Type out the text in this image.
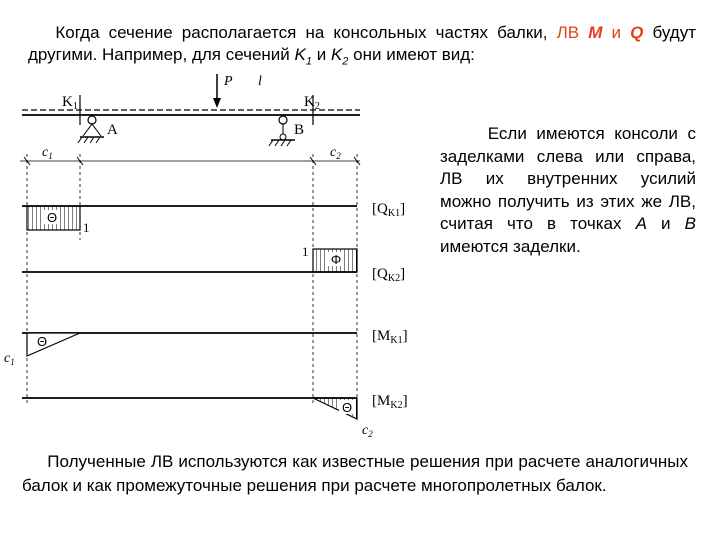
Когда сечение располагается на консольных частях балки, ЛВ M и Q будут другими. Например, для сечений $K_1$ и $K_2$ они имеют вид:
Если имеются консоли с заделками слева или справа, ЛВ их внутренних усилий можно получить из этих же ЛВ, считая что в точках A и B имеются заделки.
Полученные ЛВ используются как известные решения при расчете аналогичных балок и как промежуточные решения при расчете многопролетных балок.
P l
$K_1$	$K_2$
A	B
$c_1$	$c_2$
Θ
1
$[Q_{K1}]$
Φ
1
$[Q_{K2}]$
Θ
$c_1$
$[M_{K1}]$
Θ
$c_2$
$[M_{K2}]$
